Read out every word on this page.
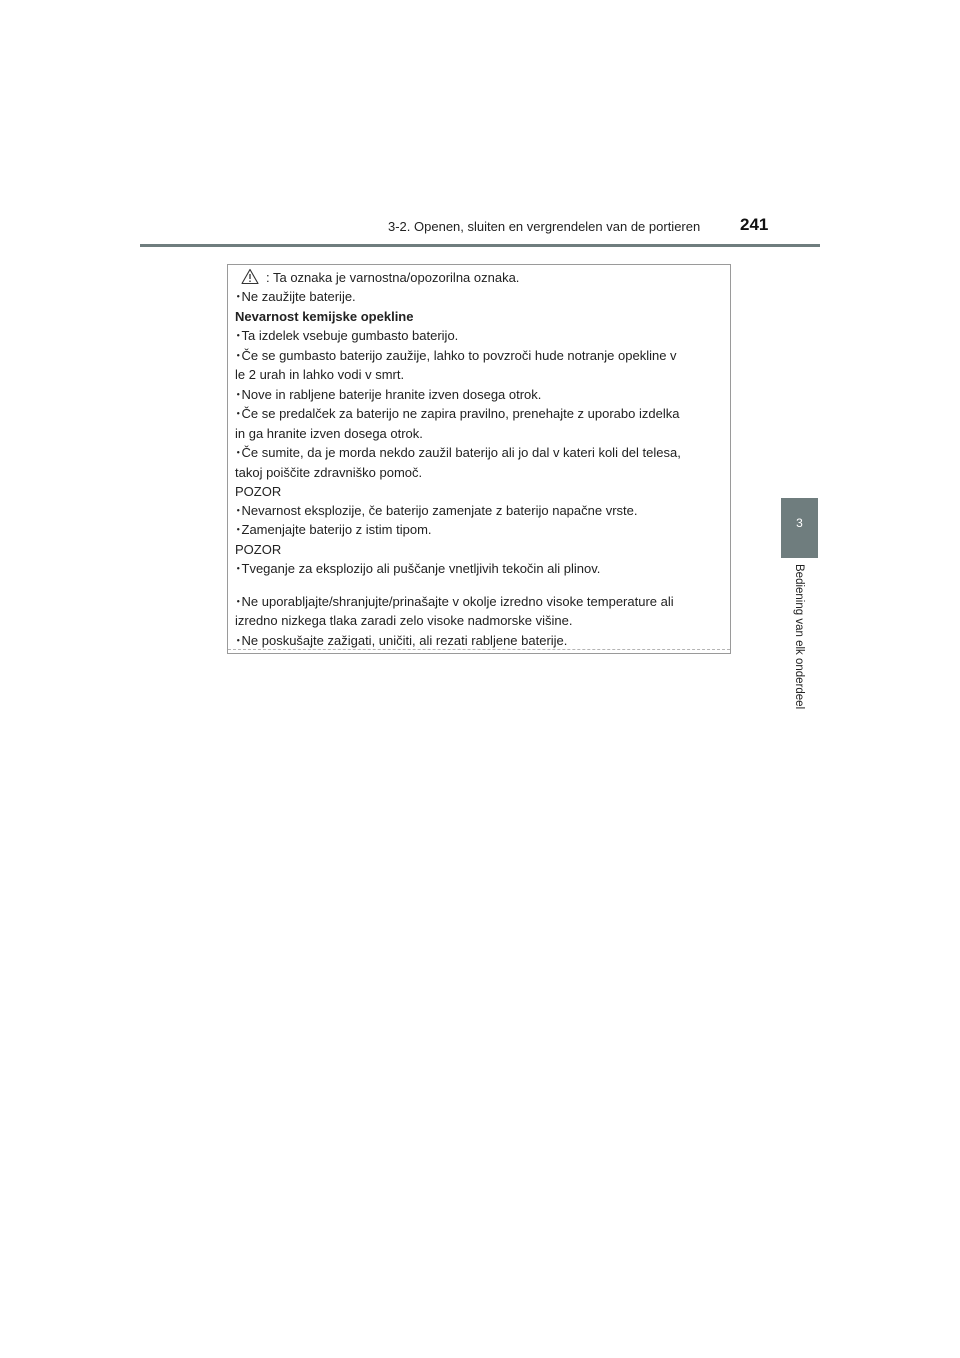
3-2. Openen, sluiten en vergrendelen van de portieren 241
3
Bediening van elk onderdeel
: Ta oznaka je varnostna/opozorilna oznaka.
･Ne zaužijte baterije.
Nevarnost kemijske opekline
･Ta izdelek vsebuje gumbasto baterijo.
･Če se gumbasto baterijo zaužije, lahko to povzroči hude notranje opekline v
le 2 urah in lahko vodi v smrt.
･Nove in rabljene baterije hranite izven dosega otrok.
･Če se predalček za baterijo ne zapira pravilno, prenehajte z uporabo izdelka
in ga hranite izven dosega otrok.
･Če sumite, da je morda nekdo zaužil baterijo ali jo dal v kateri koli del telesa,
takoj poiščite zdravniško pomoč.
POZOR
･Nevarnost eksplozije, če baterijo zamenjate z baterijo napačne vrste.
･Zamenjajte baterijo z istim tipom.
POZOR
･Tveganje za eksplozijo ali puščanje vnetljivih tekočin ali plinov.
･Ne uporabljajte/shranjujte/prinašajte v okolje izredno visoke temperature ali
izredno nizkega tlaka zaradi zelo visoke nadmorske višine.
･Ne poskušajte zažigati, uničiti, ali rezati rabljene baterije.
